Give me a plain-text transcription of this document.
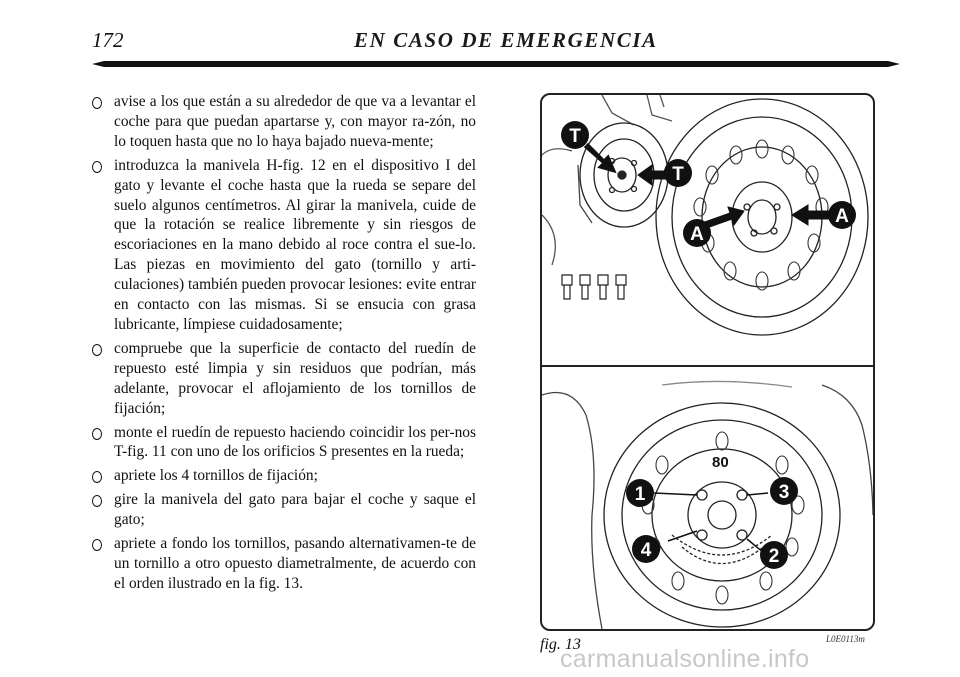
172	EN CASO DE EMERGENCIA

avise a los que están a su alrededor de que va a levantar el coche para que puedan apartarse y, con mayor ra-zón, no lo toquen hasta que no lo haya bajado nueva-mente;

introduzca la manivela H-fig. 12 en el dispositivo I del gato y levante el coche hasta que la rueda se separe del suelo algunos centímetros. Al girar la manivela, cuide de que la rotación se realice libremente y sin riesgos de escoriaciones en la mano debido al roce contra el sue-lo. Las piezas en movimiento del gato (tornillo y arti-culaciones) también pueden provocar lesiones: evite entrar en contacto con las mismas. Si se ensucia con grasa lubricante, límpiese cuidadosamente;

compruebe que la superficie de contacto del ruedín de repuesto esté limpia y sin residuos que podrían, más adelante, provocar el aflojamiento de los tornillos de fijación;

monte el ruedín de repuesto haciendo coincidir los per-nos T-fig. 11 con uno de los orificios S presentes en la rueda;

apriete los 4 tornillos de fijación;

gire la manivela del gato para bajar el coche y saque el gato;

apriete a fondo los tornillos, pasando alternativamen-te de un tornillo a otro opuesto diametralmente, de acuerdo con el orden ilustrado en la fig. 13.

T
T
A
A
80
1
2
3
4
fig. 13	L0E0113m
carmanualsonline.info
